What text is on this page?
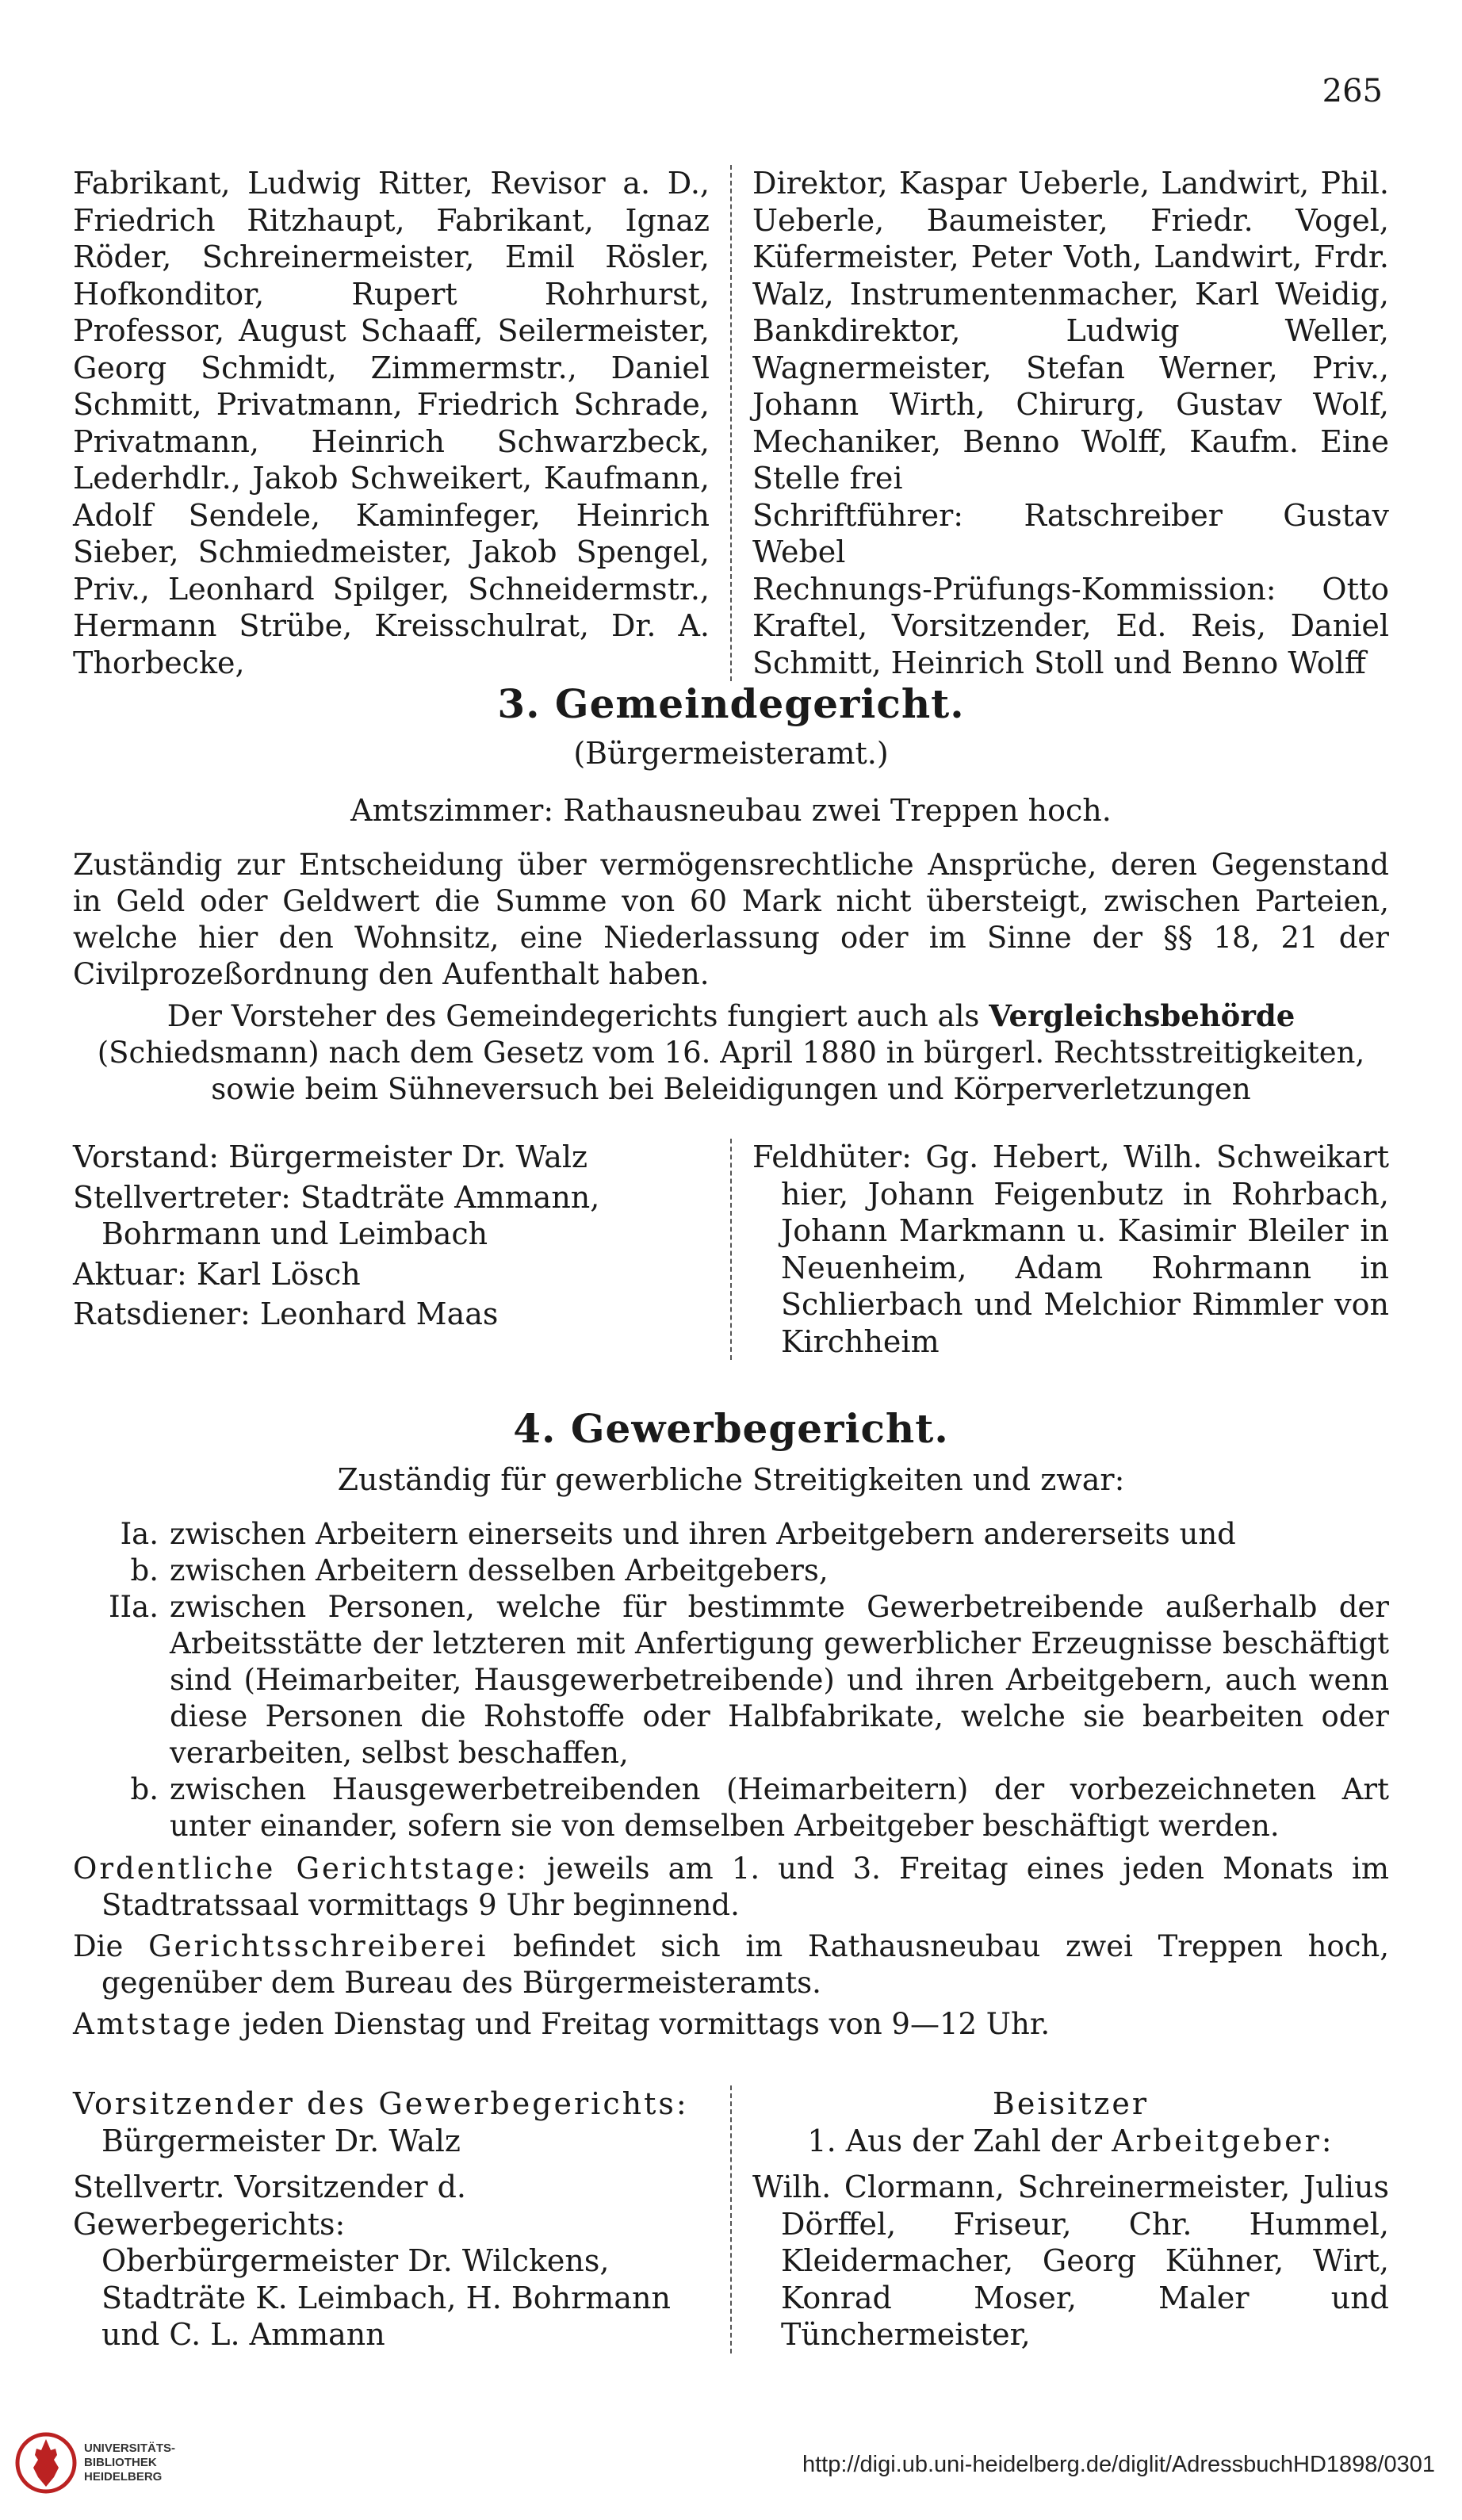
265

Fabrikant, Ludwig Ritter, Revisor a. D., Friedrich Ritzhaupt, Fabrikant, Ignaz Röder, Schreinermeister, Emil Rösler, Hofkonditor, Rupert Rohrhurst, Professor, August Schaaff, Seilermeister, Georg Schmidt, Zimmermstr., Daniel Schmitt, Privatmann, Friedrich Schrade, Privatmann, Heinrich Schwarzbeck, Lederhdlr., Jakob Schweikert, Kaufmann, Adolf Sendele, Kaminfeger, Heinrich Sieber, Schmiedmeister, Jakob Spengel, Priv., Leonhard Spilger, Schneidermstr., Hermann Strübe, Kreisschulrat, Dr. A. Thorbecke,

Direktor, Kaspar Ueberle, Landwirt, Phil. Ueberle, Baumeister, Friedr. Vogel, Küfermeister, Peter Voth, Landwirt, Frdr. Walz, Instrumentenmacher, Karl Weidig, Bankdirektor, Ludwig Weller, Wagnermeister, Stefan Werner, Priv., Johann Wirth, Chirurg, Gustav Wolf, Mechaniker, Benno Wolff, Kaufm. Eine Stelle frei

Schriftführer: Ratschreiber Gustav Webel

Rechnungs-Prüfungs-Kommission: Otto Kraftel, Vorsitzender, Ed. Reis, Daniel Schmitt, Heinrich Stoll und Benno Wolff

3. Gemeindegericht.
(Bürgermeisteramt.)
Amtszimmer: Rathausneubau zwei Treppen hoch.

Zuständig zur Entscheidung über vermögensrechtliche Ansprüche, deren Gegenstand in Geld oder Geldwert die Summe von 60 Mark nicht übersteigt, zwischen Parteien, welche hier den Wohnsitz, eine Niederlassung oder im Sinne der §§ 18, 21 der Civilprozeßordnung den Aufenthalt haben.

Der Vorsteher des Gemeindegerichts fungiert auch als Vergleichsbehörde (Schiedsmann) nach dem Gesetz vom 16. April 1880 in bürgerl. Rechtsstreitigkeiten, sowie beim Sühneversuch bei Beleidigungen und Körperverletzungen

Vorstand: Bürgermeister Dr. Walz

Stellvertreter: Stadträte Ammann, Bohrmann und Leimbach

Aktuar: Karl Lösch

Ratsdiener: Leonhard Maas

Feldhüter: Gg. Hebert, Wilh. Schweikart hier, Johann Feigenbutz in Rohrbach, Johann Markmann u. Kasimir Bleiler in Neuenheim, Adam Rohrmann in Schlierbach und Melchior Rimmler von Kirchheim

4. Gewerbegericht.
Zuständig für gewerbliche Streitigkeiten und zwar:
Ia. zwischen Arbeitern einerseits und ihren Arbeitgebern andererseits und
b. zwischen Arbeitern desselben Arbeitgebers,
IIa. zwischen Personen, welche für bestimmte Gewerbetreibende außerhalb der Arbeitsstätte der letzteren mit Anfertigung gewerblicher Erzeugnisse beschäftigt sind (Heimarbeiter, Hausgewerbetreibende) und ihren Arbeitgebern, auch wenn diese Personen die Rohstoffe oder Halbfabrikate, welche sie bearbeiten oder verarbeiten, selbst beschaffen,
b. zwischen Hausgewerbetreibenden (Heimarbeitern) der vorbezeichneten Art unter einander, sofern sie von demselben Arbeitgeber beschäftigt werden.

Ordentliche Gerichtstage: jeweils am 1. und 3. Freitag eines jeden Monats im Stadtratssaal vormittags 9 Uhr beginnend.

Die Gerichtsschreiberei befindet sich im Rathausneubau zwei Treppen hoch, gegenüber dem Bureau des Bürgermeisteramts.

Amtstage jeden Dienstag und Freitag vormittags von 9—12 Uhr.

Vorsitzender des Gewerbegerichts:

Bürgermeister Dr. Walz

Stellvertr. Vorsitzender d. Gewerbegerichts:

Oberbürgermeister Dr. Wilckens, Stadträte K. Leimbach, H. Bohrmann und C. L. Ammann

Beisitzer

1. Aus der Zahl der Arbeitgeber:

Wilh. Clormann, Schreinermeister, Julius Dörffel, Friseur, Chr. Hummel, Kleidermacher, Georg Kühner, Wirt, Konrad Moser, Maler und Tünchermeister,

UNIVERSITÄTS-
BIBLIOTHEK
HEIDELBERG	http://digi.ub.uni-heidelberg.de/diglit/AdressbuchHD1898/0301
